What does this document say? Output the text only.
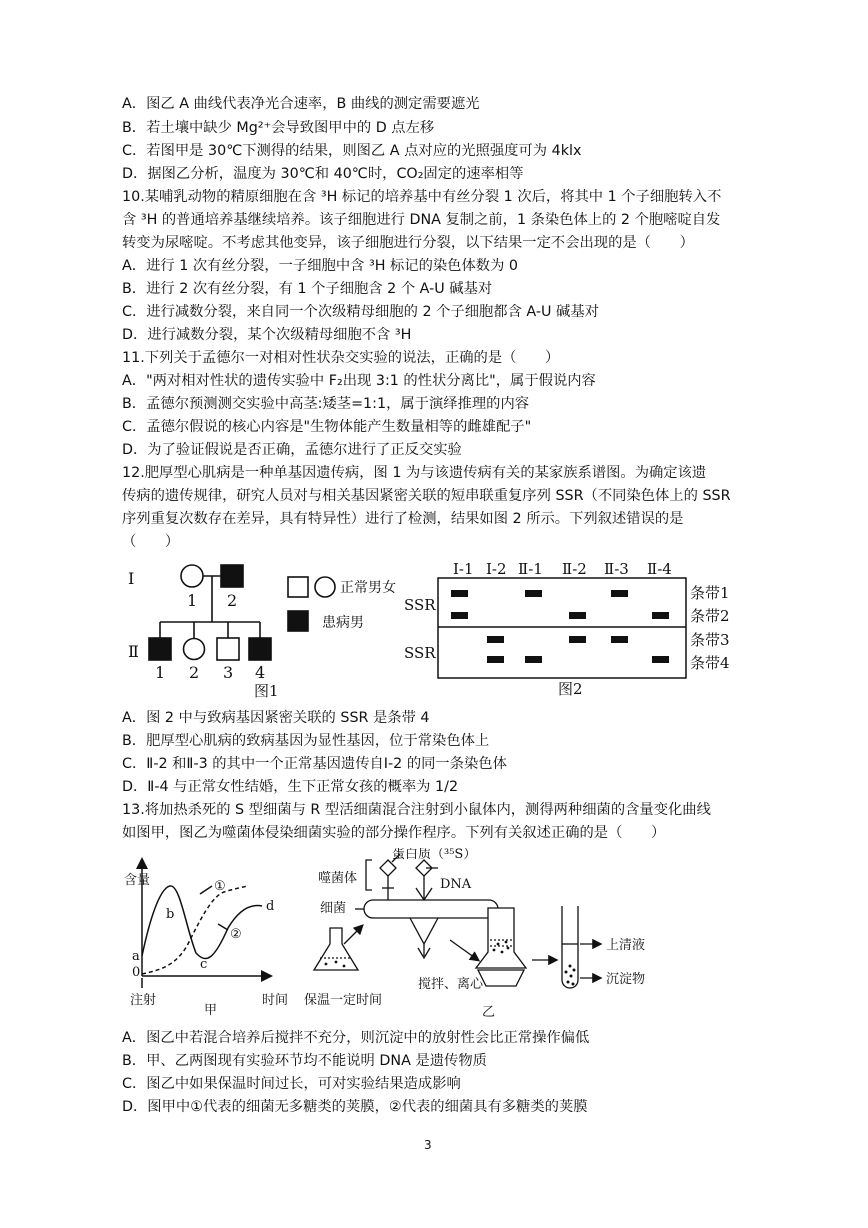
A．图乙 A 曲线代表净光合速率，B 曲线的测定需要遮光
B．若土壤中缺少 Mg²⁺会导致图甲中的 D 点左移
C．若图甲是 30℃下测得的结果，则图乙 A 点对应的光照强度可为 4klx
D．据图乙分析，温度为 30℃和 40℃时，CO₂固定的速率相等
10.某哺乳动物的精原细胞在含 ³H 标记的培养基中有丝分裂 1 次后，将其中 1 个子细胞转入不
含 ³H 的普通培养基继续培养。该子细胞进行 DNA 复制之前，1 条染色体上的 2 个胞嘧啶自发
转变为尿嘧啶。不考虑其他变异，该子细胞进行分裂，以下结果一定不会出现的是（　　）
A．进行 1 次有丝分裂，一子细胞中含 ³H 标记的染色体数为 0
B．进行 2 次有丝分裂，有 1 个子细胞含 2 个 A-U 碱基对
C．进行减数分裂，来自同一个次级精母细胞的 2 个子细胞都含 A-U 碱基对
D．进行减数分裂，某个次级精母细胞不含 ³H
11.下列关于孟德尔一对相对性状杂交实验的说法，正确的是（　　）
A．"两对相对性状的遗传实验中 F₂出现 3:1 的性状分离比"，属于假说内容
B．孟德尔预测测交实验中高茎:矮茎=1:1，属于演绎推理的内容
C．孟德尔假说的核心内容是"生物体能产生数量相等的雌雄配子"
D．为了验证假说是否正确，孟德尔进行了正反交实验
12.肥厚型心肌病是一种单基因遗传病，图 1 为与该遗传病有关的某家族系谱图。为确定该遗
传病的遗传规律，研究人员对与相关基因紧密关联的短串联重复序列 SSR（不同染色体上的 SSR
序列重复次数存在差异，具有特异性）进行了检测，结果如图 2 所示。下列叙述错误的是
（　　）
Ⅰ
Ⅱ
1 2
1 2 3 4
图1
正常男女
患病男
Ⅰ-1 Ⅰ-2 Ⅱ-1 Ⅱ-2 Ⅱ-3 Ⅱ-4
SSR
SSR
条带1
条带2
条带3
条带4
图2
A．图 2 中与致病基因紧密关联的 SSR 是条带 4
B．肥厚型心肌病的致病基因为显性基因，位于常染色体上
C．Ⅱ-2 和Ⅱ-3 的其中一个正常基因遗传自Ⅰ-2 的同一条染色体
D．Ⅱ-4 与正常女性结婚，生下正常女孩的概率为 1/2
13.将加热杀死的 S 型细菌与 R 型活细菌混合注射到小鼠体内，测得两种细菌的含量变化曲线
如图甲，图乙为噬菌体侵染细菌实验的部分操作程序。下列有关叙述正确的是（　　）
含量
a
0
b
c
d
①
②
注射	时间
甲
蛋白质（³⁵S）
噬菌体	DNA
细菌
保温一定时间
搅拌、离心
上清液
沉淀物
乙
A．图乙中若混合培养后搅拌不充分，则沉淀中的放射性会比正常操作偏低
B．甲、乙两图现有实验环节均不能说明 DNA 是遗传物质
C．图乙中如果保温时间过长，可对实验结果造成影响
D．图甲中①代表的细菌无多糖类的荚膜，②代表的细菌具有多糖类的荚膜
3
